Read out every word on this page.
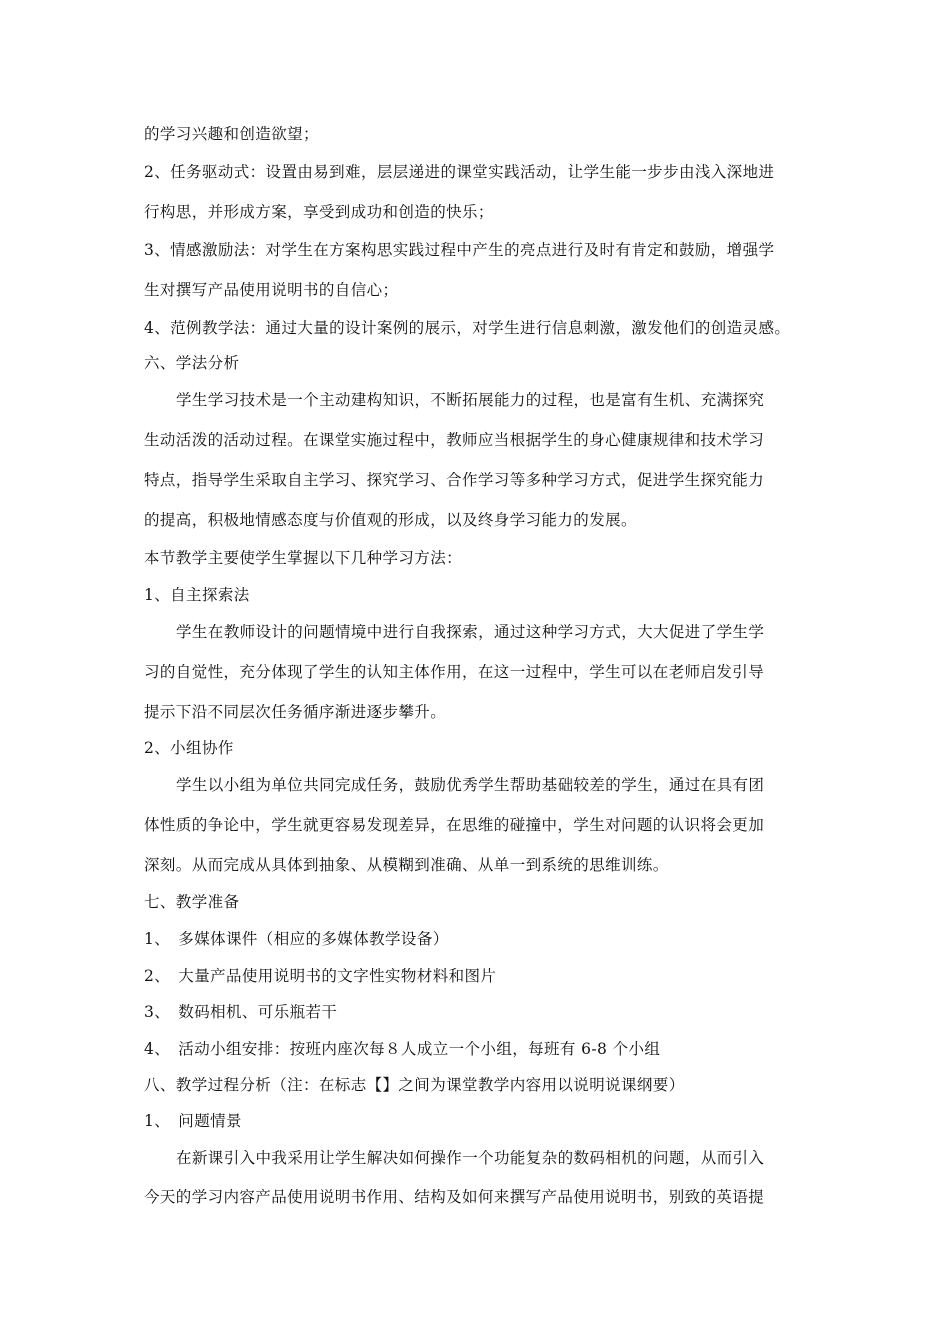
的学习兴趣和创造欲望；
2、任务驱动式：设置由易到难，层层递进的课堂实践活动，让学生能一步步由浅入深地进
行构思，并形成方案，享受到成功和创造的快乐；
3、情感激励法：对学生在方案构思实践过程中产生的亮点进行及时有肯定和鼓励，增强学
生对撰写产品使用说明书的自信心；
4、范例教学法：通过大量的设计案例的展示，对学生进行信息刺激，激发他们的创造灵感。
六、学法分析
学生学习技术是一个主动建构知识，不断拓展能力的过程，也是富有生机、充满探究
生动活泼的活动过程。在课堂实施过程中，教师应当根据学生的身心健康规律和技术学习
特点，指导学生采取自主学习、探究学习、合作学习等多种学习方式，促进学生探究能力
的提高，积极地情感态度与价值观的形成，以及终身学习能力的发展。
本节教学主要使学生掌握以下几种学习方法：
1、自主探索法
学生在教师设计的问题情境中进行自我探索，通过这种学习方式，大大促进了学生学
习的自觉性，充分体现了学生的认知主体作用，在这一过程中，学生可以在老师启发引导
提示下沿不同层次任务循序渐进逐步攀升。
2、小组协作
学生以小组为单位共同完成任务，鼓励优秀学生帮助基础较差的学生，通过在具有团
体性质的争论中，学生就更容易发现差异，在思维的碰撞中，学生对问题的认识将会更加
深刻。从而完成从具体到抽象、从模糊到准确、从单一到系统的思维训练。
七、教学准备
1、　多媒体课件（相应的多媒体教学设备）
2、　大量产品使用说明书的文字性实物材料和图片
3、　数码相机、可乐瓶若干
4、　活动小组安排：按班内座次每８人成立一个小组，每班有 6-8 个小组
八、教学过程分析（注：在标志【】之间为课堂教学内容用以说明说课纲要）
1、　问题情景
在新课引入中我采用让学生解决如何操作一个功能复杂的数码相机的问题，从而引入
今天的学习内容产品使用说明书作用、结构及如何来撰写产品使用说明书，别致的英语提
